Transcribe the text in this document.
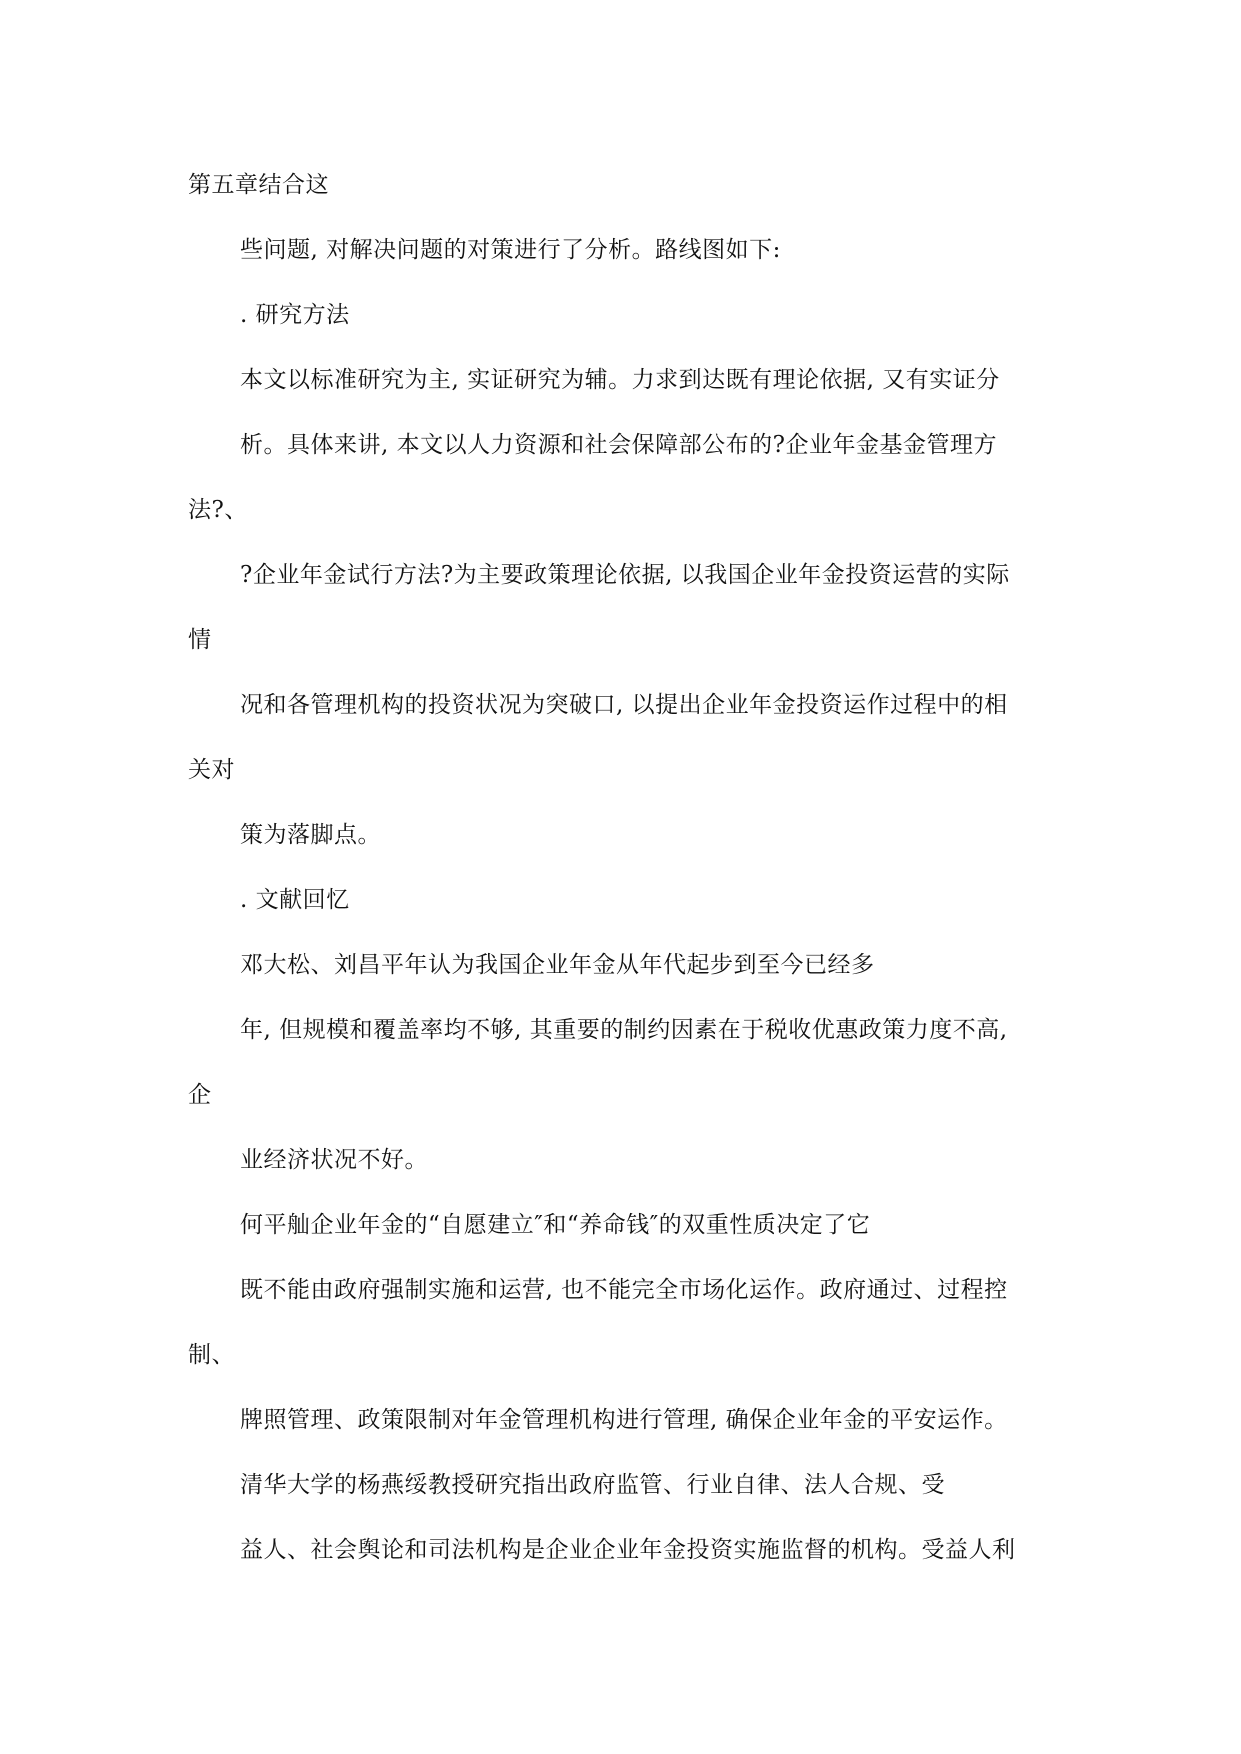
第五章结合这
些问题, 对解决问题的对策进行了分析。路线图如下:
. 研究方法
本文以标准研究为主, 实证研究为辅。力求到达既有理论依据, 又有实证分
析。具体来讲, 本文以人力资源和社会保障部公布的?企业年金基金管理方
法?、
?企业年金试行方法?为主要政策理论依据, 以我国企业年金投资运营的实际
情
况和各管理机构的投资状况为突破口, 以提出企业年金投资运作过程中的相
关对
策为落脚点。
. 文献回忆
邓大松、刘昌平年认为我国企业年金从年代起步到至今已经多
年, 但规模和覆盖率均不够, 其重要的制约因素在于税收优惠政策力度不高,
企
业经济状况不好。
何平舢企业年金的“自愿建立″和“养命钱″的双重性质决定了它
既不能由政府强制实施和运营, 也不能完全市场化运作。政府通过、过程控
制、
牌照管理、政策限制对年金管理机构进行管理, 确保企业年金的平安运作。
清华大学的杨燕绥教授研究指出政府监管、行业自律、法人合规、受
益人、社会舆论和司法机构是企业企业年金投资实施监督的机构。受益人利
